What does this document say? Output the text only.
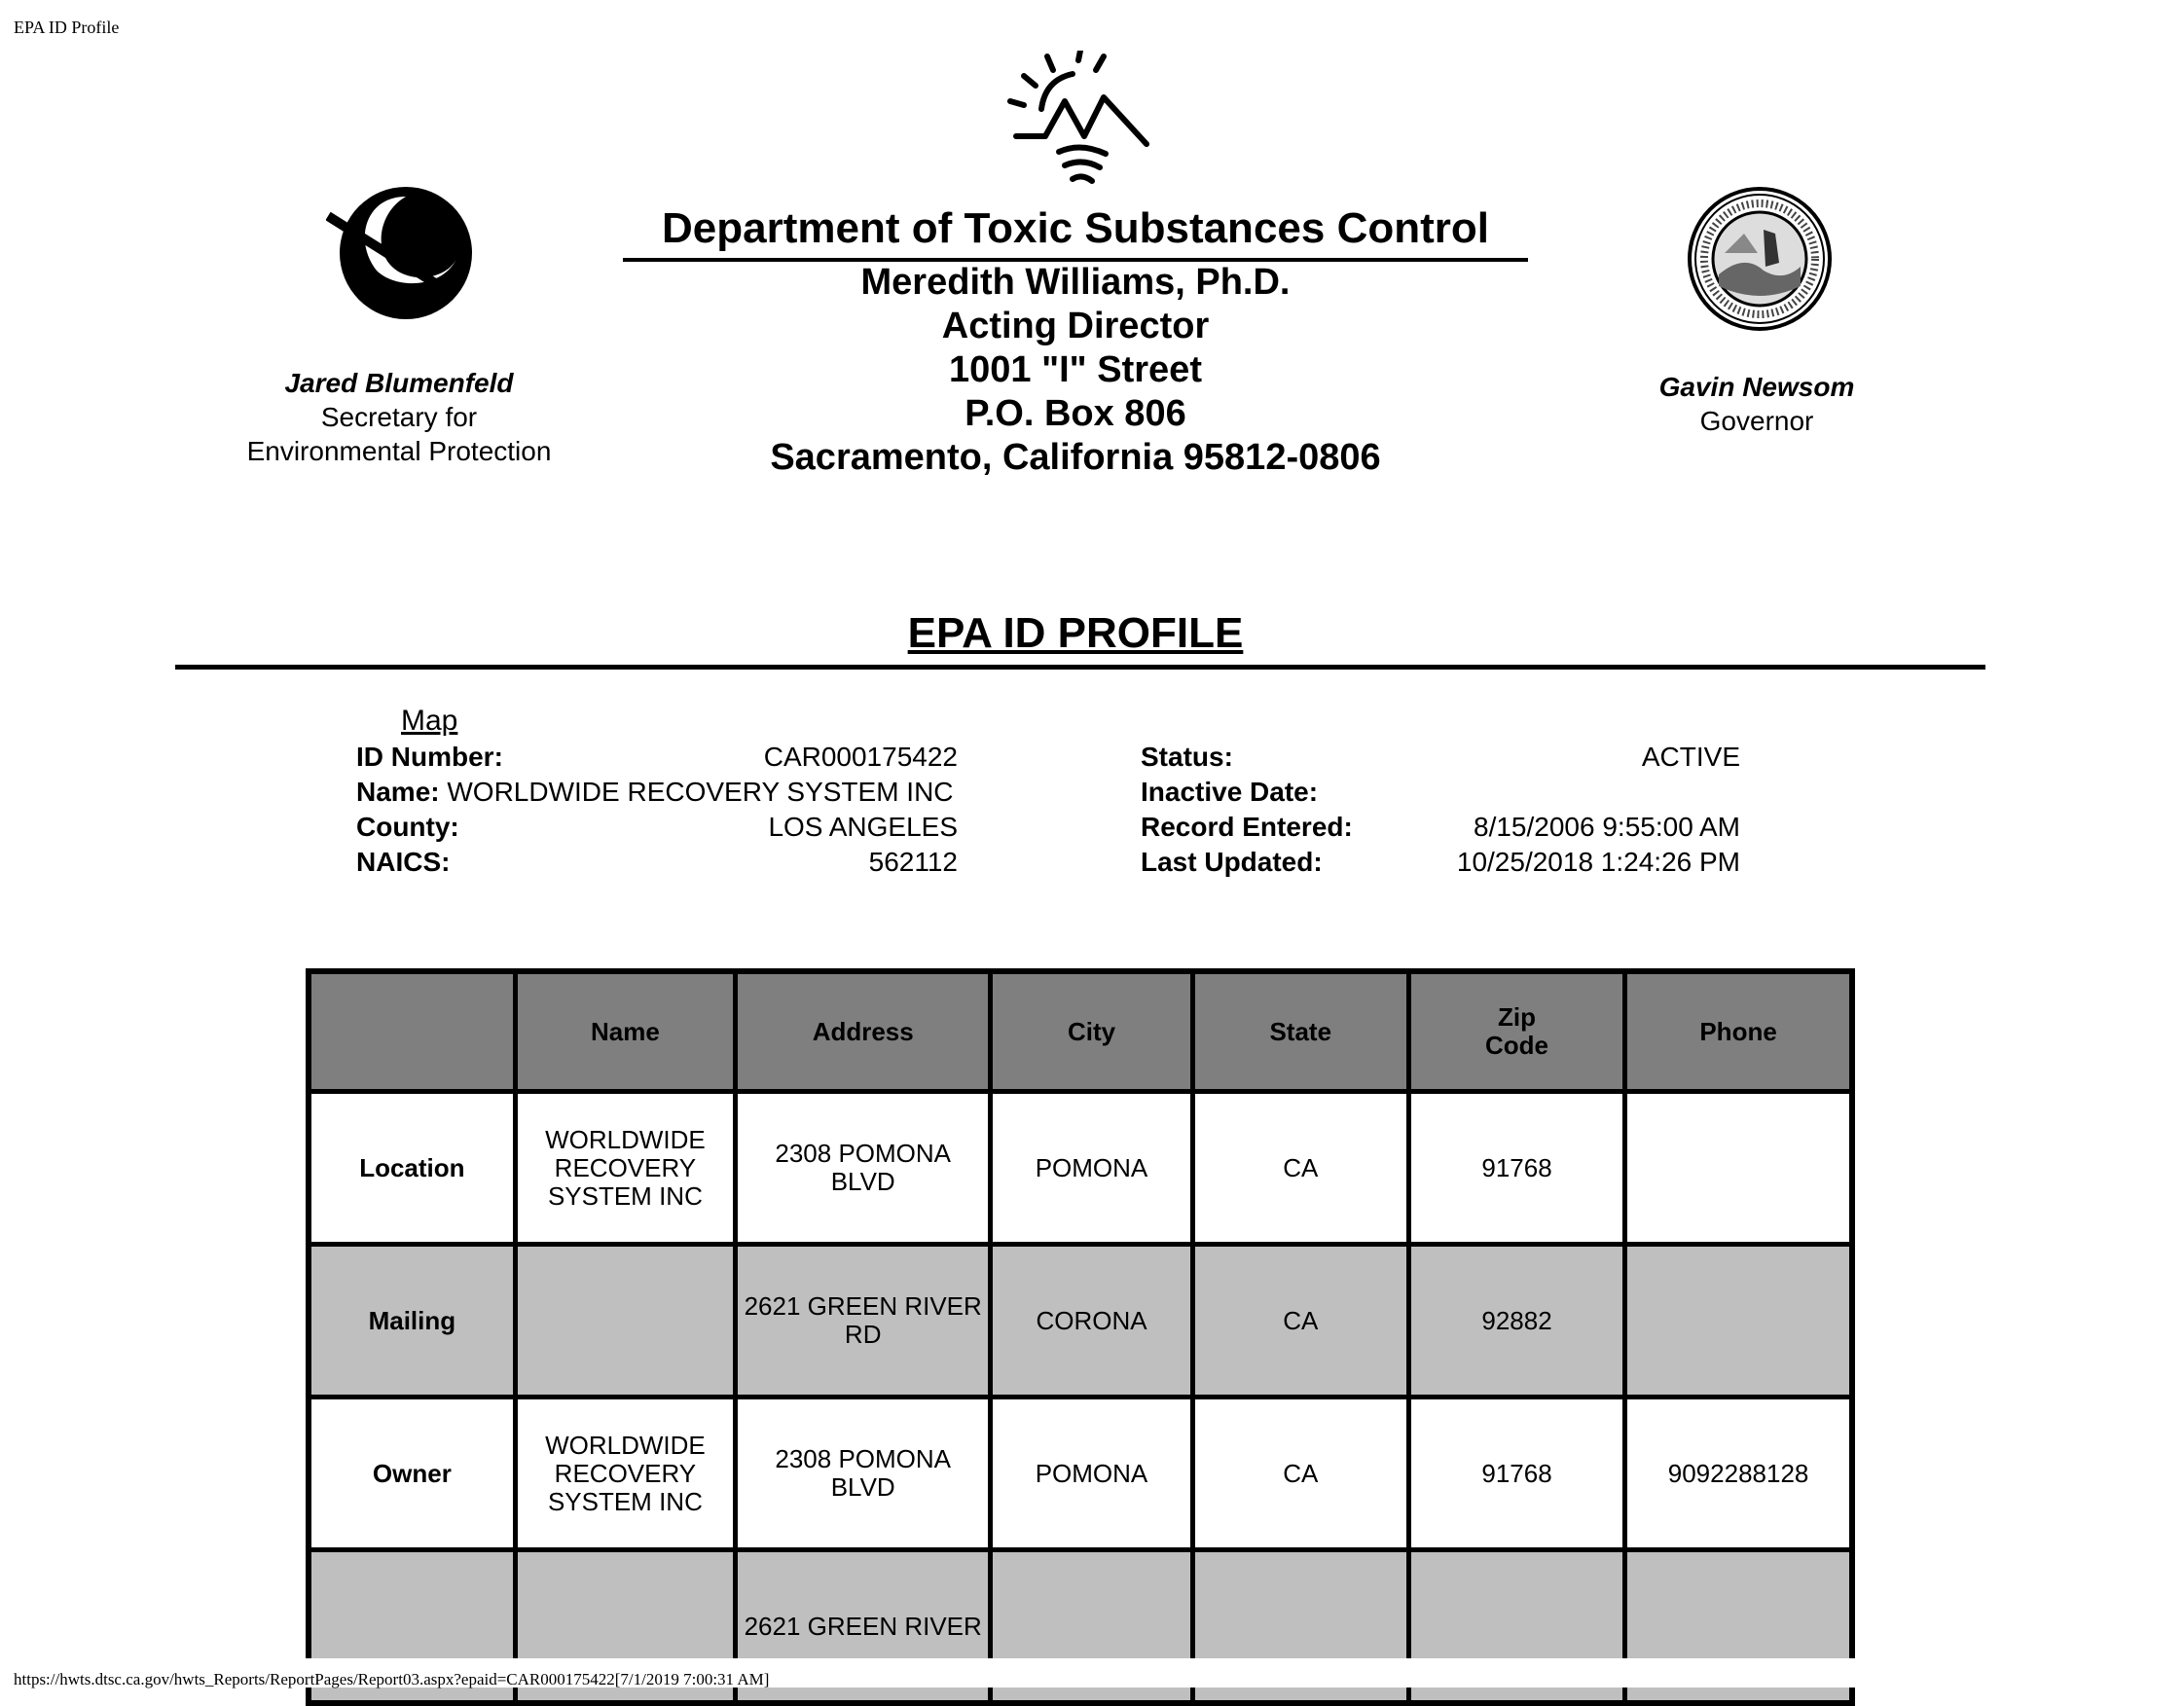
EPA ID Profile
Department of Toxic Substances Control
Meredith Williams, Ph.D.
Acting Director
1001 "I" Street
P.O. Box 806
Sacramento, California 95812-0806
Jared Blumenfeld
Secretary for
Environmental Protection
Gavin Newsom
Governor
EPA ID PROFILE
Map
ID Number:	CAR000175422
Name: WORLDWIDE RECOVERY SYSTEM INC
County:	LOS ANGELES
NAICS:	562112
Status:	ACTIVE
Inactive Date:
Record Entered:	8/15/2006 9:55:00 AM
Last Updated:	10/25/2018 1:24:26 PM
	Name	Address	City	State	Zip Code	Phone
Location	WORLDWIDE RECOVERY SYSTEM INC	2308 POMONA BLVD	POMONA	CA	91768	
Mailing		2621 GREEN RIVER RD	CORONA	CA	92882	
Owner	WORLDWIDE RECOVERY SYSTEM INC	2308 POMONA BLVD	POMONA	CA	91768	9092288128
		2621 GREEN RIVER				
https://hwts.dtsc.ca.gov/hwts_Reports/ReportPages/Report03.aspx?epaid=CAR000175422[7/1/2019 7:00:31 AM]
